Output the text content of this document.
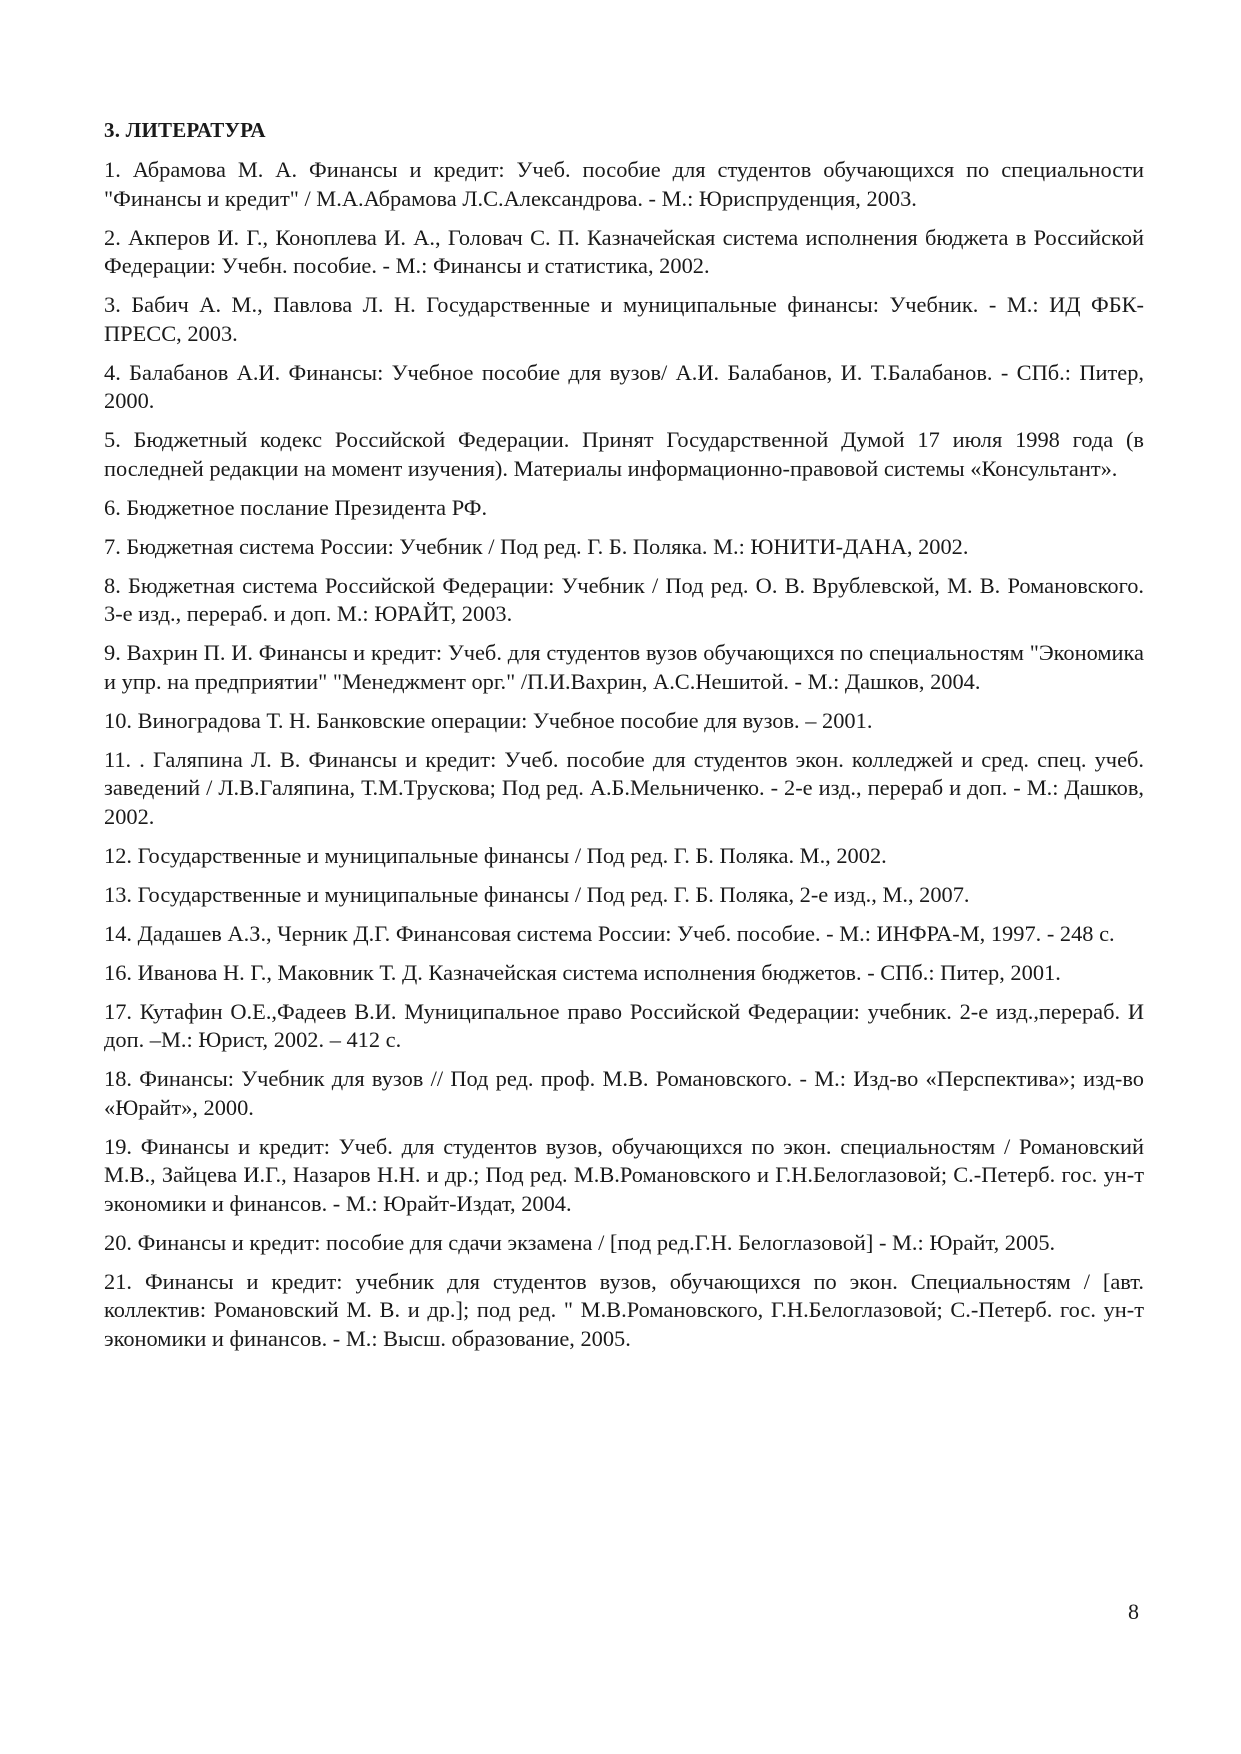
3. ЛИТЕРАТУРА
1. Абрамова М. А. Финансы и кредит: Учеб. пособие для студентов обучающихся по специальности "Финансы и кредит" / М.А.Абрамова Л.С.Александрова. - М.: Юриспруденция, 2003.
2. Акперов И. Г., Коноплева И. А., Головач С. П. Казначейская система исполнения бюджета в Российской Федерации: Учебн. пособие. - М.: Финансы и статистика, 2002.
3. Бабич А. М., Павлова Л. Н. Государственные и муниципальные финансы: Учебник. - М.: ИД ФБК-ПРЕСС, 2003.
4. Балабанов А.И. Финансы: Учебное пособие для вузов/ А.И. Балабанов, И. Т.Балабанов. - СПб.: Питер, 2000.
5. Бюджетный кодекс Российской Федерации. Принят Государственной Думой 17 июля 1998 года (в последней редакции на момент изучения). Материалы информационно-правовой системы «Консультант».
6. Бюджетное послание Президента РФ.
7. Бюджетная система России: Учебник / Под ред. Г. Б. Поляка. М.: ЮНИТИ-ДАНА, 2002.
8. Бюджетная система Российской Федерации: Учебник / Под ред. О. В. Врублевской, М. В. Романовского. 3-е изд., перераб. и доп. М.: ЮРАЙТ, 2003.
9. Вахрин П. И. Финансы и кредит: Учеб. для студентов вузов обучающихся по специальностям "Экономика и упр. на предприятии" "Менеджмент орг." /П.И.Вахрин, А.С.Нешитой. - М.: Дашков, 2004.
10. Виноградова Т. Н. Банковские операции: Учебное пособие для вузов. – 2001.
11. . Галяпина Л. В. Финансы и кредит: Учеб. пособие для студентов экон. колледжей и сред. спец. учеб. заведений / Л.В.Галяпина, Т.М.Трускова; Под ред. А.Б.Мельниченко. - 2-е изд., перераб и доп. - М.: Дашков, 2002.
12. Государственные и муниципальные финансы / Под ред. Г. Б. Поляка. М., 2002.
13. Государственные и муниципальные финансы / Под ред. Г. Б. Поляка, 2-е изд., М., 2007.
14. Дадашев А.З., Черник Д.Г. Финансовая система России: Учеб. пособие. - М.: ИНФРА-М, 1997. - 248 с.
16. Иванова Н. Г., Маковник Т. Д. Казначейская система исполнения бюджетов. - СПб.: Питер, 2001.
17. Кутафин О.Е.,Фадеев В.И. Муниципальное право Российской Федерации: учебник. 2-е изд.,перераб. И доп. –М.: Юрист, 2002. – 412 с.
18. Финансы: Учебник для вузов // Под ред. проф. М.В. Романовского. - М.: Изд-во «Перспектива»; изд-во «Юрайт», 2000.
19. Финансы и кредит: Учеб. для студентов вузов, обучающихся по экон. специальностям / Романовский М.В., Зайцева И.Г., Назаров Н.Н. и др.; Под ред. М.В.Романовского и Г.Н.Белоглазовой; С.-Петерб. гос. ун-т экономики и финансов. - М.: Юрайт-Издат, 2004.
20. Финансы и кредит: пособие для сдачи экзамена / [под ред.Г.Н. Белоглазовой] - М.: Юрайт, 2005.
21. Финансы и кредит: учебник для студентов вузов, обучающихся по экон. Специальностям / [авт. коллектив: Романовский М. В. и др.]; под ред. " М.В.Романовского, Г.Н.Белоглазовой; С.-Петерб. гос. ун-т экономики и финансов. - М.: Высш. образование, 2005.
8
